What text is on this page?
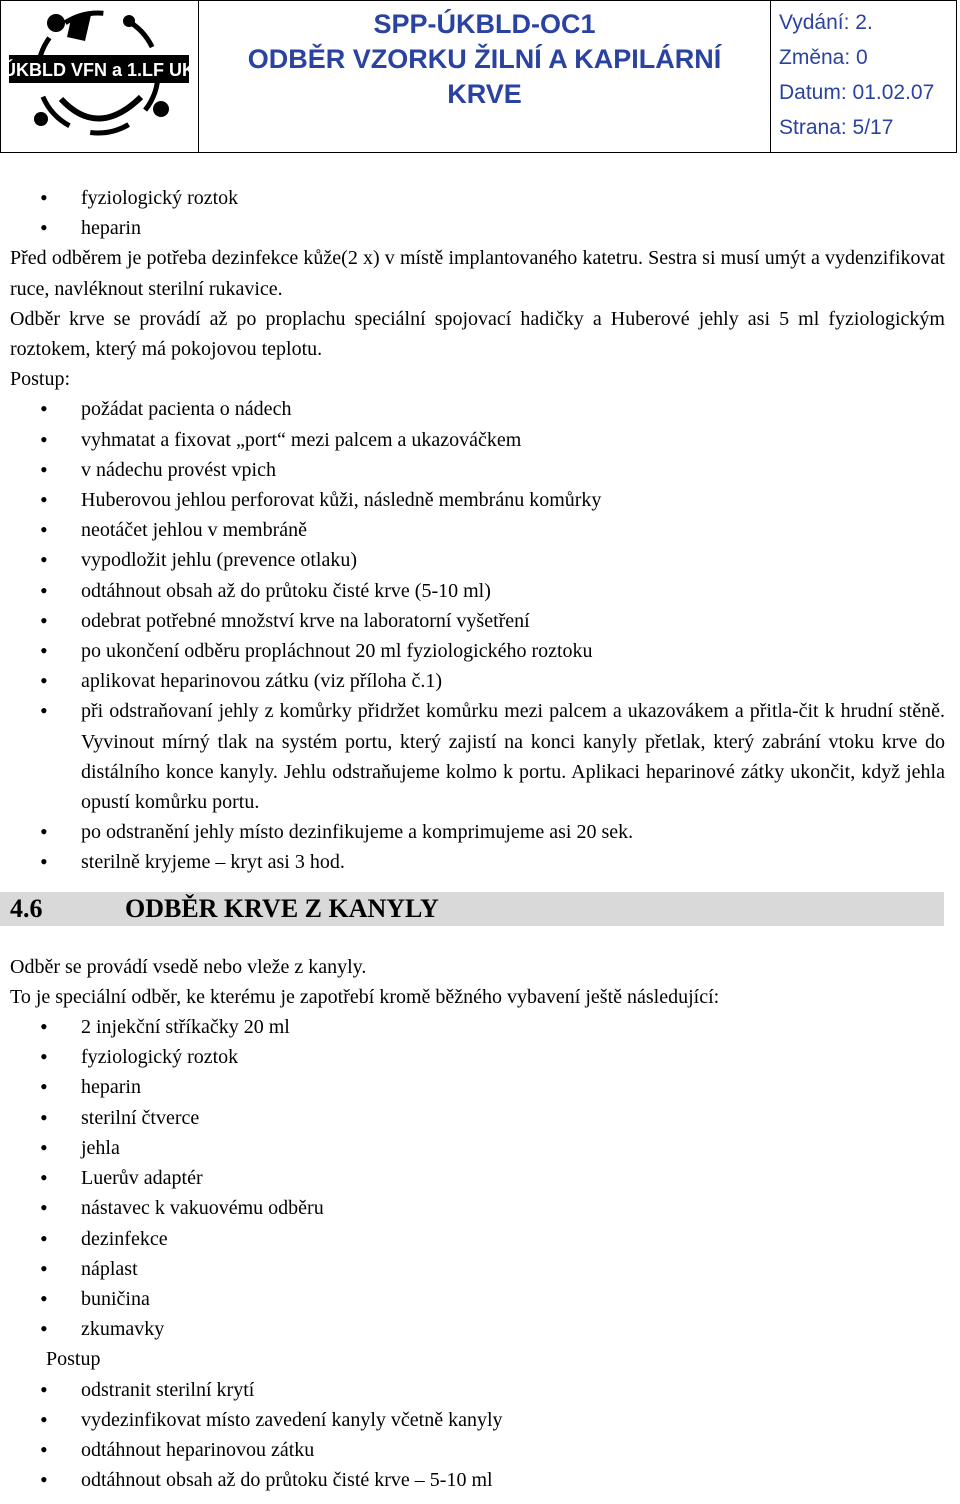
ÚKBLD VFN a 1.LF UK
SPP-ÚKBLD-OC1
ODBĚR VZORKU ŽILNÍ A KAPILÁRNÍ
KRVE
Vydání: 2.
Změna: 0
Datum: 01.02.07
Strana: 5/17
• fyziologický roztok
• heparin

Před odběrem je potřeba dezinfekce kůže(2 x) v místě implantovaného katetru. Sestra si musí umýt a vydenzifikovat ruce, navléknout sterilní rukavice.

Odběr krve se provádí až po proplachu speciální spojovací hadičky a Huberové jehly asi 5 ml fyziologickým roztokem, který má pokojovou teplotu.

Postup:

• požádat pacienta o nádech
• vyhmatat a fixovat „port“ mezi palcem a ukazováčkem
• v nádechu provést vpich
• Huberovou jehlou perforovat kůži, následně membránu komůrky
• neotáčet jehlou v membráně
• vypodložit jehlu (prevence otlaku)
• odtáhnout obsah až do průtoku čisté krve (5-10 ml)
• odebrat potřebné množství krve na laboratorní vyšetření
• po ukončení odběru propláchnout 20 ml fyziologického roztoku
• aplikovat heparinovou zátku (viz příloha č.1)
• při odstraňovaní jehly z komůrky přidržet komůrku mezi palcem a ukazovákem a přitla-čit k hrudní stěně. Vyvinout mírný tlak na systém portu, který zajistí na konci kanyly přetlak, který zabrání vtoku krve do distálního konce kanyly. Jehlu odstraňujeme kolmo k portu. Aplikaci heparinové zátky ukončit, když jehla opustí komůrku portu.
• po odstranění jehly místo dezinfikujeme a komprimujeme asi 20 sek.
• sterilně kryjeme – kryt asi 3 hod.
4.6	ODBĚR KRVE Z KANYLY

Odběr se provádí vsedě nebo vleže z kanyly.

To je speciální odběr, ke kterému je zapotřebí kromě běžného vybavení ještě následující:

• 2 injekční stříkačky 20 ml
• fyziologický roztok
• heparin
• sterilní čtverce
• jehla
• Luerův adaptér
• nástavec k vakuovému odběru
• dezinfekce
• náplast
• buničina
• zkumavky

Postup

• odstranit sterilní krytí
• vydezinfikovat místo zavedení kanyly včetně kanyly
• odtáhnout heparinovou zátku
• odtáhnout obsah až do průtoku čisté krve – 5-10 ml
